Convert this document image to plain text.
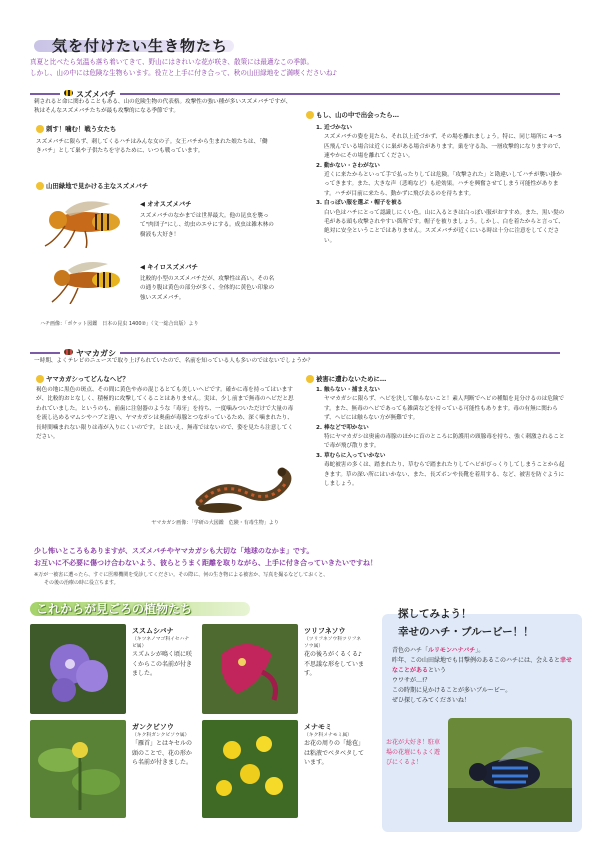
気を付けたい生き物たち
真夏と比べたら気温も落ち着いてきて、野山にはきれいな花が咲き、散策には最適なこの季節。
しかし、山の中には危険な生物もいます。役立と上手に付き合って、秋の山田緑地をご満喫くださいね♪
スズメバチ
刺されると命に関わることもある、山の危険生物の代表格。攻撃性の強い種が多いスズメバチですが、
秋はそんなスズメバチたちが最も攻撃的になる季節です。
刺す！噛む！戦う女たち
スズメバチに限らず、刺してくるハチはみんな女の子。女王バチから生まれた娘たちは、「働きバチ」として巣や子供たちを守るために、いつも戦っています。
山田緑地で見かける主なスズメバチ
◀ オオスズメバチ
スズメバチのなかまでは世界最大。他の昆虫を襲って"肉団子"にし、幼虫のエサにする。成虫は雑木林の樹液も大好き！
◀ キイロスズメバチ
比較的小型のスズメバチだが、攻撃性は高い。その名の通り腹は黄色の部分が多く、全体的に黄色い印象の強いスズメバチ。
ハチ画像：「ポケット図鑑　日本の昆虫 1400②」（文一総合出版）より
もし、山の中で出会ったら…
1. 近づかない
スズメバチの姿を見たら、それ以上近づかず、その場を離れましょう。特に、同じ場所に 4～5 匹飛んでいる場合は近くに巣がある場合があります。巣を守る為、一層攻撃的になりますので、速やかにその場を離れてください。
2. 動かない・さわがない
近くに来たからといって手で払ったりしては危険。「攻撃された」と勘違いしてハチが襲い掛かってきます。また、大きな声（悲鳴など）も逆効果。ハチを興奮させてしまう可能性があります。ハチが目前に来たら、動かずに飛び去るのを待ちます。
3. 白っぽい服を選ぶ・帽子を被る
白い色はハチにとって認識しにくい色。山に入るときは白っぽい服がおすすめ。また、黒い髪の毛がある頭も攻撃されやすい箇所です。帽子を被りましょう。しかし、白を着たからと言って、絶対に安全ということではありません。スズメバチが近くにいる時は十分に注意をしてください。
ヤマカガシ
一時期、よくテレビのニュースで取り上げられていたので、名前を知っている人も多いのではないでしょうか？
ヤマカガシってどんなヘビ？
褐色の地に黒色の斑点、その間に黄色や赤の混じるとても美しいヘビです。確かに毒を持ってはいますが、比較的おとなしく、積極的に攻撃してくることはありません。実は、少し前まで無毒のヘビだと思われていました。というのも、前歯に注射器のような「毒牙」を持ち、一度噛みついただけで大量の毒を流し込めるマムシやハブと違い、ヤマカガシは奥歯が毒腺とつながっているため、深く噛まれたり、長時間噛まれない限りは毒が入りにくいのです。とはいえ、無毒ではないので、姿を見たら注意してください。
ヤマカガシ画像：「学研の大図鑑　危険・有毒生物」より
被害に遭わないために…
1. 触らない・捕まえない
ヤマカガシに限らず、ヘビを決して触らないこと！素人判断でヘビの種類を見分けるのは危険です。また、無毒のヘビであっても雑菌などを持っている可能性もあります。毒の有無に関わらず、ヘビには触らない方が無難です。
2. 棒などで叩かない
特にヤマカガシは奥歯の毒腺のほかに首のところに防護用の頸腺毒を持ち、強く刺激されることで毒が飛び散ります。
3. 草むらに入っていかない
毒蛇被害の多くは、踏まれたり、草むらで踏まれたりしてヘビがびっくりしてしまうことから起きます。草の深い所にはいかない、また、長ズボンや長靴を着用する、など、被害を防ぐようにしましょう。
少し怖いところもありますが、スズメバチやヤマカガシも大切な「地球のなかま」です。
お互いに不必要に傷つけ合わないよう、彼らとうまく距離を取りながら、上手に付き合っていきたいですね！
※万が一被害に遭ったら、すぐに医療機関を受診してください。その際に、何の生き物による被害か、写真を撮るなどしておくと、
その後の治療の時に役立ちます。
これからが見ごろの植物たち
ススムシバナ
（キツネノマゴ科イセハナビ属）
スズムシが鳴く頃に咲くからこの名前が付きました。
ツリフネソウ
（ツリフネソウ科ツリフネソウ属）
花の後ろがくるくる♪不思議な形をしています。
ガンクビソウ
（キク科ガンクビソウ属）
「雁首」とはキセルの頭のことで、花の形から名前が付きました。
メナモミ
（キク科メナモミ属）
お花の周りの「総苞」は粘液でベタベタしています。
探してみよう！
幸せのハチ・ブルービー！！
青色のハチ「ルリモンハナバチ」。
昨年、この山田緑地でも目撃例のあるこのハチには、会えると幸せなことがあるという
ウワサが…!？
この時期に見かけることが多いブルービー。
ぜひ探してみてくださいね！
お花が大好き！駐車場の花壇にもよく遊びにくるよ！
